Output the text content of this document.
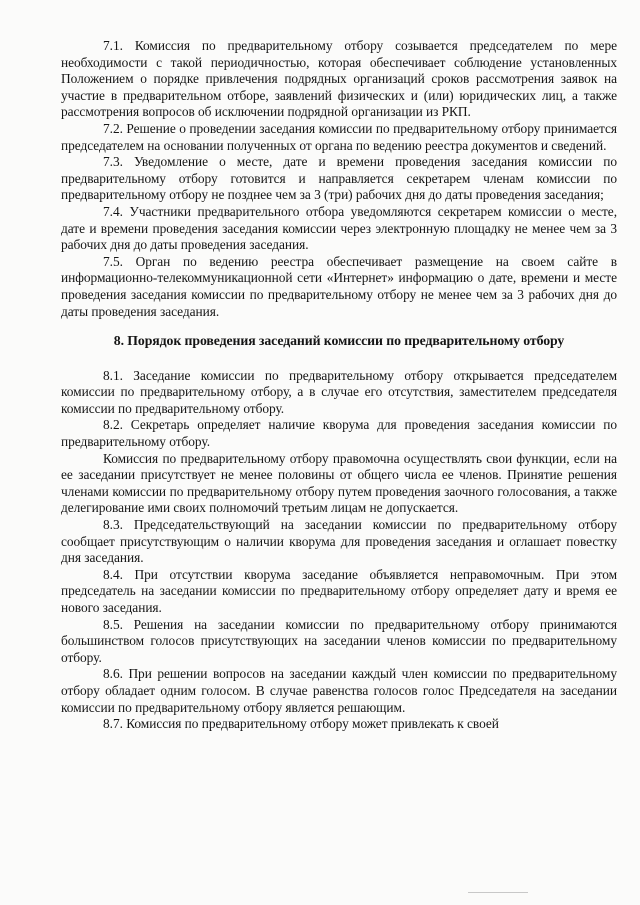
7.1. Комиссия по предварительному отбору созывается председателем по мере необходимости с такой периодичностью, которая обеспечивает соблюдение установленных Положением о порядке привлечения подрядных организаций сроков рассмотрения заявок на участие в предварительном отборе, заявлений физических и (или) юридических лиц, а также рассмотрения вопросов об исключении подрядной организации из РКП.

7.2. Решение о проведении заседания комиссии по предварительному отбору принимается председателем на основании полученных от органа по ведению реестра документов и сведений.

7.3. Уведомление о месте, дате и времени проведения заседания комиссии по предварительному отбору готовится и направляется секретарем членам комиссии по предварительному отбору не позднее чем за 3 (три) рабочих дня до даты проведения заседания;

7.4. Участники предварительного отбора уведомляются секретарем комиссии о месте, дате и времени проведения заседания комиссии через электронную площадку не менее чем за 3 рабочих дня до даты проведения заседания.

7.5. Орган по ведению реестра обеспечивает размещение на своем сайте в информационно-телекоммуникационной сети «Интернет» информацию о дате, времени и месте проведения заседания комиссии по предварительному отбору не менее чем за 3 рабочих дня до даты проведения заседания.

8. Порядок проведения заседаний комиссии по предварительному отбору

8.1. Заседание комиссии по предварительному отбору открывается председателем комиссии по предварительному отбору, а в случае его отсутствия, заместителем председателя комиссии по предварительному отбору.

8.2. Секретарь определяет наличие кворума для проведения заседания комиссии по предварительному отбору.

Комиссия по предварительному отбору правомочна осуществлять свои функции, если на ее заседании присутствует не менее половины от общего числа ее членов. Принятие решения членами комиссии по предварительному отбору путем проведения заочного голосования, а также делегирование ими своих полномочий третьим лицам не допускается.

8.3. Председательствующий на заседании комиссии по предварительному отбору сообщает присутствующим о наличии кворума для проведения заседания и оглашает повестку дня заседания.

8.4. При отсутствии кворума заседание объявляется неправомочным. При этом председатель на заседании комиссии по предварительному отбору определяет дату и время ее нового заседания.

8.5. Решения на заседании комиссии по предварительному отбору принимаются большинством голосов присутствующих на заседании членов комиссии по предварительному отбору.

8.6. При решении вопросов на заседании каждый член комиссии по предварительному отбору обладает одним голосом. В случае равенства голосов голос Председателя на заседании комиссии по предварительному отбору является решающим.

8.7. Комиссия по предварительному отбору может привлекать к своей
